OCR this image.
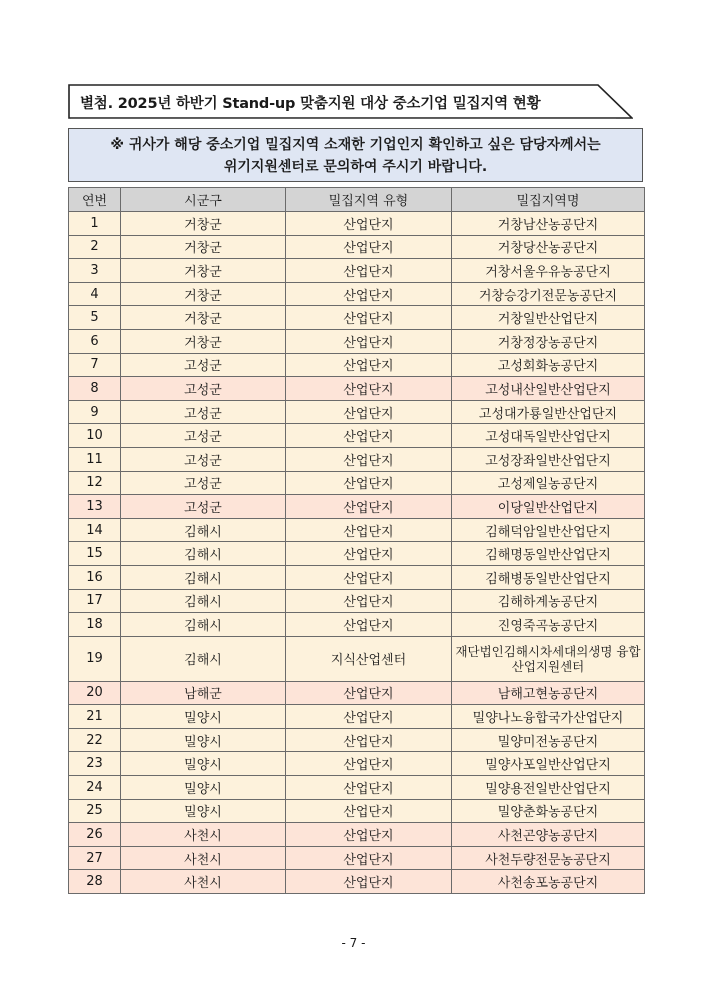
별첨. 2025년 하반기 Stand-up 맞춤지원 대상 중소기업 밀집지역 현황
※ 귀사가 해당 중소기업 밀집지역 소재한 기업인지 확인하고 싶은 담당자께서는
위기지원센터로 문의하여 주시기 바랍니다.
연번	시군구	밀집지역 유형	밀집지역명
1	거창군	산업단지	거창남산농공단지
2	거창군	산업단지	거창당산농공단지
3	거창군	산업단지	거창서울우유농공단지
4	거창군	산업단지	거창승강기전문농공단지
5	거창군	산업단지	거창일반산업단지
6	거창군	산업단지	거창정장농공단지
7	고성군	산업단지	고성회화농공단지
8	고성군	산업단지	고성내산일반산업단지
9	고성군	산업단지	고성대가룡일반산업단지
10	고성군	산업단지	고성대독일반산업단지
11	고성군	산업단지	고성장좌일반산업단지
12	고성군	산업단지	고성제일농공단지
13	고성군	산업단지	이당일반산업단지
14	김해시	산업단지	김해덕암일반산업단지
15	김해시	산업단지	김해명동일반산업단지
16	김해시	산업단지	김해병동일반산업단지
17	김해시	산업단지	김해하계농공단지
18	김해시	산업단지	진영죽곡농공단지
19	김해시	지식산업센터	재단법인김해시차세대의생명 융합산업지원센터

20	남해군	산업단지	남해고현농공단지
21	밀양시	산업단지	밀양나노융합국가산업단지
22	밀양시	산업단지	밀양미전농공단지
23	밀양시	산업단지	밀양사포일반산업단지
24	밀양시	산업단지	밀양용전일반산업단지
25	밀양시	산업단지	밀양춘화농공단지
26	사천시	산업단지	사천곤양농공단지
27	사천시	산업단지	사천두량전문농공단지
28	사천시	산업단지	사천송포농공단지
- 7 -
